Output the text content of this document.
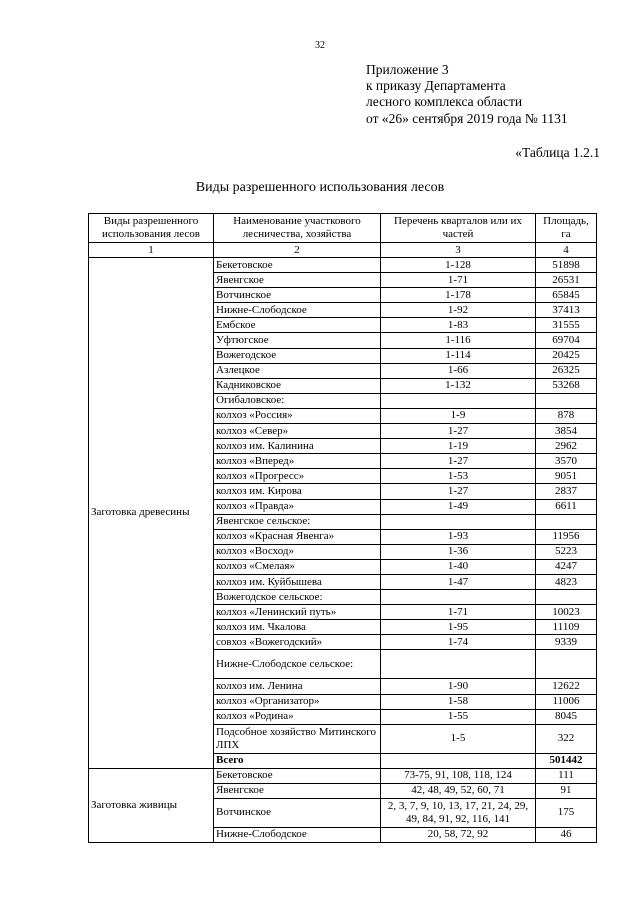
32
Приложение 3
к приказу Департамента
лесного комплекса области
от «26» сентября 2019 года № 1131
«Таблица 1.2.1
Виды разрешенного использования лесов
Виды разрешенного использования лесов	Наименование участкового лесничества, хозяйства	Перечень кварталов или их частей	Площадь, га
1	2	3	4
Заготовка древесины	Бекетовское	1-128	51898
	Явенгское	1-71	26531
	Вотчинское	1-178	65845
	Нижне-Слободское	1-92	37413
	Ембское	1-83	31555
	Уфтюгское	1-116	69704
	Вожегодское	1-114	20425
	Азлецкое	1-66	26325
	Кадниковское	1-132	53268
	Огибаловское:		
	колхоз «Россия»	1-9	878
	колхоз «Север»	1-27	3854
	колхоз им. Калинина	1-19	2962
	колхоз «Вперед»	1-27	3570
	колхоз «Прогресс»	1-53	9051
	колхоз им. Кирова	1-27	2837
	колхоз «Правда»	1-49	6611
	Явенгское сельское:		
	колхоз «Красная Явенга»	1-93	11956
	колхоз «Восход»	1-36	5223
	колхоз «Смелая»	1-40	4247
	колхоз им. Куйбышева	1-47	4823
	Вожегодское сельское:		
	колхоз «Ленинский путь»	1-71	10023
	колхоз им. Чкалова	1-95	11109
	совхоз «Вожегодский»	1-74	9339
	Нижне-Слободское сельское:		
	колхоз им. Ленина	1-90	12622
	колхоз «Организатор»	1-58	11006
	колхоз «Родина»	1-55	8045
	Подсобное хозяйство Митинского ЛПХ	1-5	322
	Всего		501442
Заготовка живицы	Бекетовское	73-75, 91, 108, 118, 124	111
	Явенгское	42, 48, 49, 52, 60, 71	91
	Вотчинское	2, 3, 7, 9, 10, 13, 17, 21, 24, 29, 49, 84, 91, 92, 116, 141	175
	Нижне-Слободское	20, 58, 72, 92	46
